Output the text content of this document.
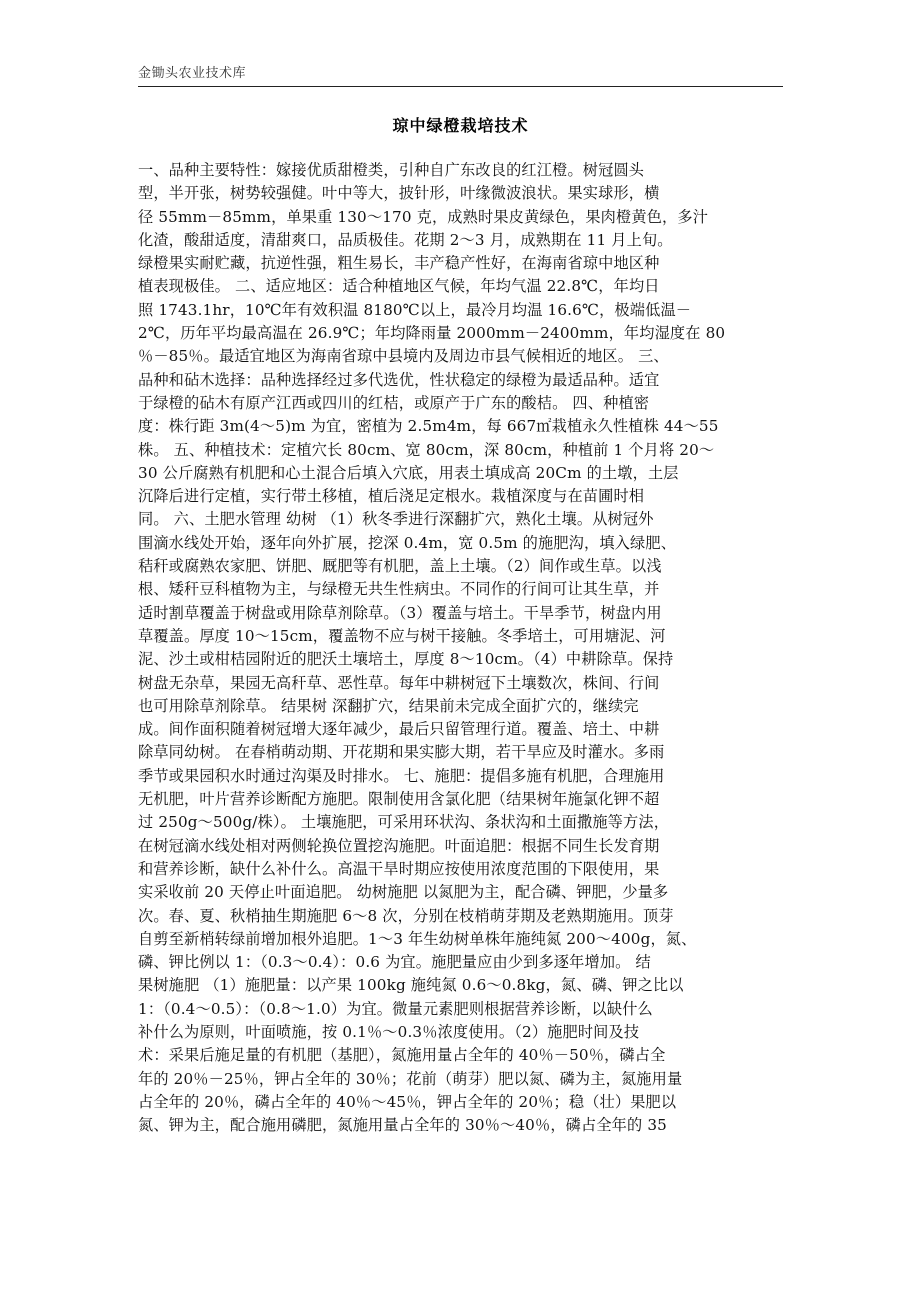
金锄头农业技术库
琼中绿橙栽培技术
一、品种主要特性：嫁接优质甜橙类，引种自广东改良的红江橙。树冠圆头
型，半开张，树势较强健。叶中等大，披针形，叶缘微波浪状。果实球形，横
径 55mm－85mm，单果重 130～170 克，成熟时果皮黄绿色，果肉橙黄色，多汁
化渣，酸甜适度，清甜爽口，品质极佳。花期 2～3 月，成熟期在 11 月上旬。
绿橙果实耐贮藏，抗逆性强，粗生易长，丰产稳产性好，在海南省琼中地区种
植表现极佳。 二、适应地区：适合种植地区气候，年均气温 22.8℃，年均日
照 1743.1hr，10℃年有效积温 8180℃以上，最冷月均温 16.6℃，极端低温－
2℃，历年平均最高温在 26.9℃；年均降雨量 2000mm－2400mm，年均湿度在 80
％－85％。最适宜地区为海南省琼中县境内及周边市县气候相近的地区。 三、
品种和砧木选择：品种选择经过多代选优，性状稳定的绿橙为最适品种。适宜
于绿橙的砧木有原产江西或四川的红桔，或原产于广东的酸桔。 四、种植密
度：株行距 3m(4～5)m 为宜，密植为 2.5m4m，每 667㎡栽植永久性植株 44～55
株。 五、种植技术：定植穴长 80cm、宽 80cm，深 80cm，种植前 1 个月将 20～
30 公斤腐熟有机肥和心土混合后填入穴底，用表土填成高 20Cm 的土墩，土层
沉降后进行定植，实行带土移植，植后浇足定根水。栽植深度与在苗圃时相
同。 六、土肥水管理 幼树 （1）秋冬季进行深翻扩穴，熟化土壤。从树冠外
围滴水线处开始，逐年向外扩展，挖深 0.4m，宽 0.5m 的施肥沟，填入绿肥、
秸秆或腐熟农家肥、饼肥、厩肥等有机肥，盖上土壤。（2）间作或生草。以浅
根、矮秆豆科植物为主，与绿橙无共生性病虫。不同作的行间可让其生草，并
适时割草覆盖于树盘或用除草剂除草。（3）覆盖与培土。干旱季节，树盘内用
草覆盖。厚度 10～15cm，覆盖物不应与树干接触。冬季培土，可用塘泥、河
泥、沙土或柑桔园附近的肥沃土壤培土，厚度 8～10cm。（4）中耕除草。保持
树盘无杂草，果园无高秆草、恶性草。每年中耕树冠下土壤数次，株间、行间
也可用除草剂除草。 结果树 深翻扩穴，结果前未完成全面扩穴的，继续完
成。间作面积随着树冠增大逐年减少，最后只留管理行道。覆盖、培土、中耕
除草同幼树。 在春梢萌动期、开花期和果实膨大期，若干旱应及时灌水。多雨
季节或果园积水时通过沟渠及时排水。 七、施肥：提倡多施有机肥，合理施用
无机肥，叶片营养诊断配方施肥。限制使用含氯化肥（结果树年施氯化钾不超
过 250g～500g/株）。 土壤施肥，可采用环状沟、条状沟和土面撒施等方法，
在树冠滴水线处相对两侧轮换位置挖沟施肥。叶面追肥：根据不同生长发育期
和营养诊断，缺什么补什么。高温干旱时期应按使用浓度范围的下限使用，果
实采收前 20 天停止叶面追肥。 幼树施肥 以氮肥为主，配合磷、钾肥，少量多
次。春、夏、秋梢抽生期施肥 6～8 次，分别在枝梢萌芽期及老熟期施用。顶芽
自剪至新梢转绿前增加根外追肥。1～3 年生幼树单株年施纯氮 200～400g，氮、
磷、钾比例以 1：（0.3～0.4）：0.6 为宜。施肥量应由少到多逐年增加。 结
果树施肥 （1）施肥量：以产果 100kg 施纯氮 0.6～0.8kg，氮、磷、钾之比以
1：（0.4～0.5）：（0.8～1.0）为宜。微量元素肥则根据营养诊断，以缺什么
补什么为原则，叶面喷施，按 0.1％～0.3％浓度使用。（2）施肥时间及技
术：采果后施足量的有机肥（基肥），氮施用量占全年的 40％－50％，磷占全
年的 20％－25％，钾占全年的 30％；花前（萌芽）肥以氮、磷为主，氮施用量
占全年的 20％，磷占全年的 40％～45％，钾占全年的 20％；稳（壮）果肥以
氮、钾为主，配合施用磷肥，氮施用量占全年的 30％～40％，磷占全年的 35
